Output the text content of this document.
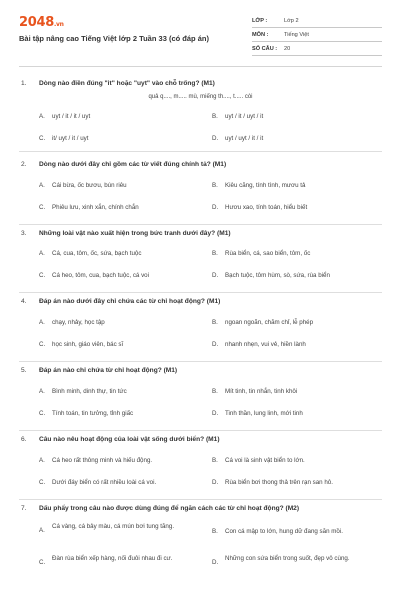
2048.vn
Bài tập nâng cao Tiếng Việt lớp 2 Tuần 33 (có đáp án)
LỚP :	Lớp 2
MÔN :	Tiếng Việt
SỐ CÂU : 20
1. Dòng nào điền đúng "it" hoặc "uyt" vào chỗ trống? (M1)
quả q...., m..... mù, miếng th...., t..... còi
A. uyt / it / it / uyt	B. uyt / it / uyt / it
C. it/ uyt / it / uyt	D. uyt / uyt / it / it
2. Dòng nào dưới đây chỉ gồm các từ viết đúng chính tả? (M1)
A. Cái bừa, ốc bươu, bún riêu	B. Kiêu căng, tính tình, mươu tả
C. Phiêu lưu, xinh xắn, chính chắn	D. Hươu xao, tính toán, hiểu biết
3. Những loài vật nào xuất hiện trong bức tranh dưới đây? (M1)
A. Cá, cua, tôm, ốc, sứa, bạch tuộc	B. Rùa biển, cá, sao biển, tôm, ốc
C. Cá heo, tôm, cua, bạch tuộc, cá voi	D. Bạch tuộc, tôm hùm, sò, sứa, rùa biển
4. Đáp án nào dưới đây chỉ chứa các từ chỉ hoạt động? (M1)
A. chạy, nhảy, học tập	B. ngoan ngoãn, chăm chỉ, lễ phép
C. học sinh, giáo viên, bác sĩ	D. nhanh nhẹn, vui vẻ, hiền lành
5. Đáp án nào chỉ chứa từ chỉ hoạt động? (M1)
A. Bình minh, dinh thự, tin tức	B. Mít tinh, tin nhắn, tinh khôi
C. Tính toán, tin tưởng, tỉnh giấc	D. Tinh thần, lung linh, mới tinh
6. Câu nào nêu hoạt động của loài vật sống dưới biển? (M1)
A. Cá heo rất thông minh và hiếu động.	B. Cá voi là sinh vật biển to lớn.
C. Dưới đáy biển có rất nhiều loài cá voi.	D. Rùa biển bơi thong thả trên rạn san hô.
7. Dấu phẩy trong câu nào được dùng đúng để ngăn cách các từ chỉ hoạt động? (M2)
A.
Cá vàng, cá bảy màu, cá mún bơi tung tăng.
B. Con cá mập to lớn, hung dữ đang săn mồi.
C.
Đàn rùa biển xếp hàng, nối đuôi nhau đi cư.
D.
Những con sứa biển trong suốt, đẹp vô cùng.
